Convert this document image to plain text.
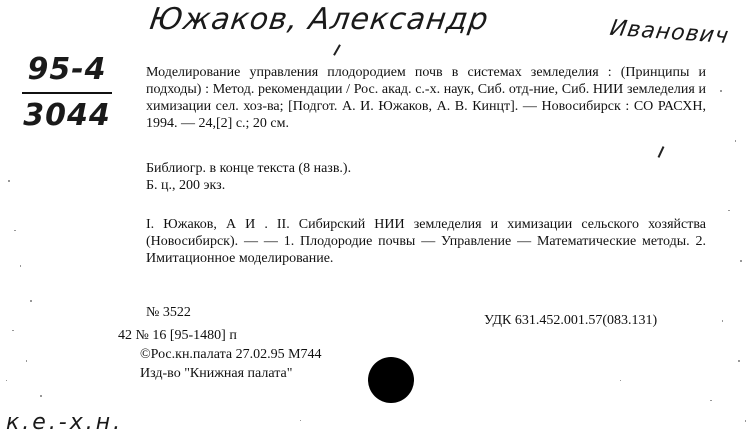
Южаков, Александр	Иванович
95-4
3044

Моделирование управления плодородием почв в системах земледелия : (Принципы и подходы) : Метод. рекомендации / Рос. акад. с.-х. наук, Сиб. отд-ние, Сиб. НИИ земледелия и химизации сел. хоз-ва; [Подгот. А. И. Южаков, А. В. Кинцт]. — Новосибирск : СО РАСХН, 1994. — 24,[2] с.; 20 см.

Библиогр. в конце текста (8 назв.).

Б. ц., 200 экз.

I. Южаков, А И . II. Сибирский НИИ земледелия и химизации сельского хозяйства (Новосибирск). — — 1. Плодородие почвы — Управление — Математические методы. 2. Имитационное моделирование.

№ 3522
42 № 16 [95-1480] п
УДК 631.452.001.57(083.131)
©Рос.кн.палата 27.02.95 М744
Изд-во "Книжная палата"
к.е.-х.н.
